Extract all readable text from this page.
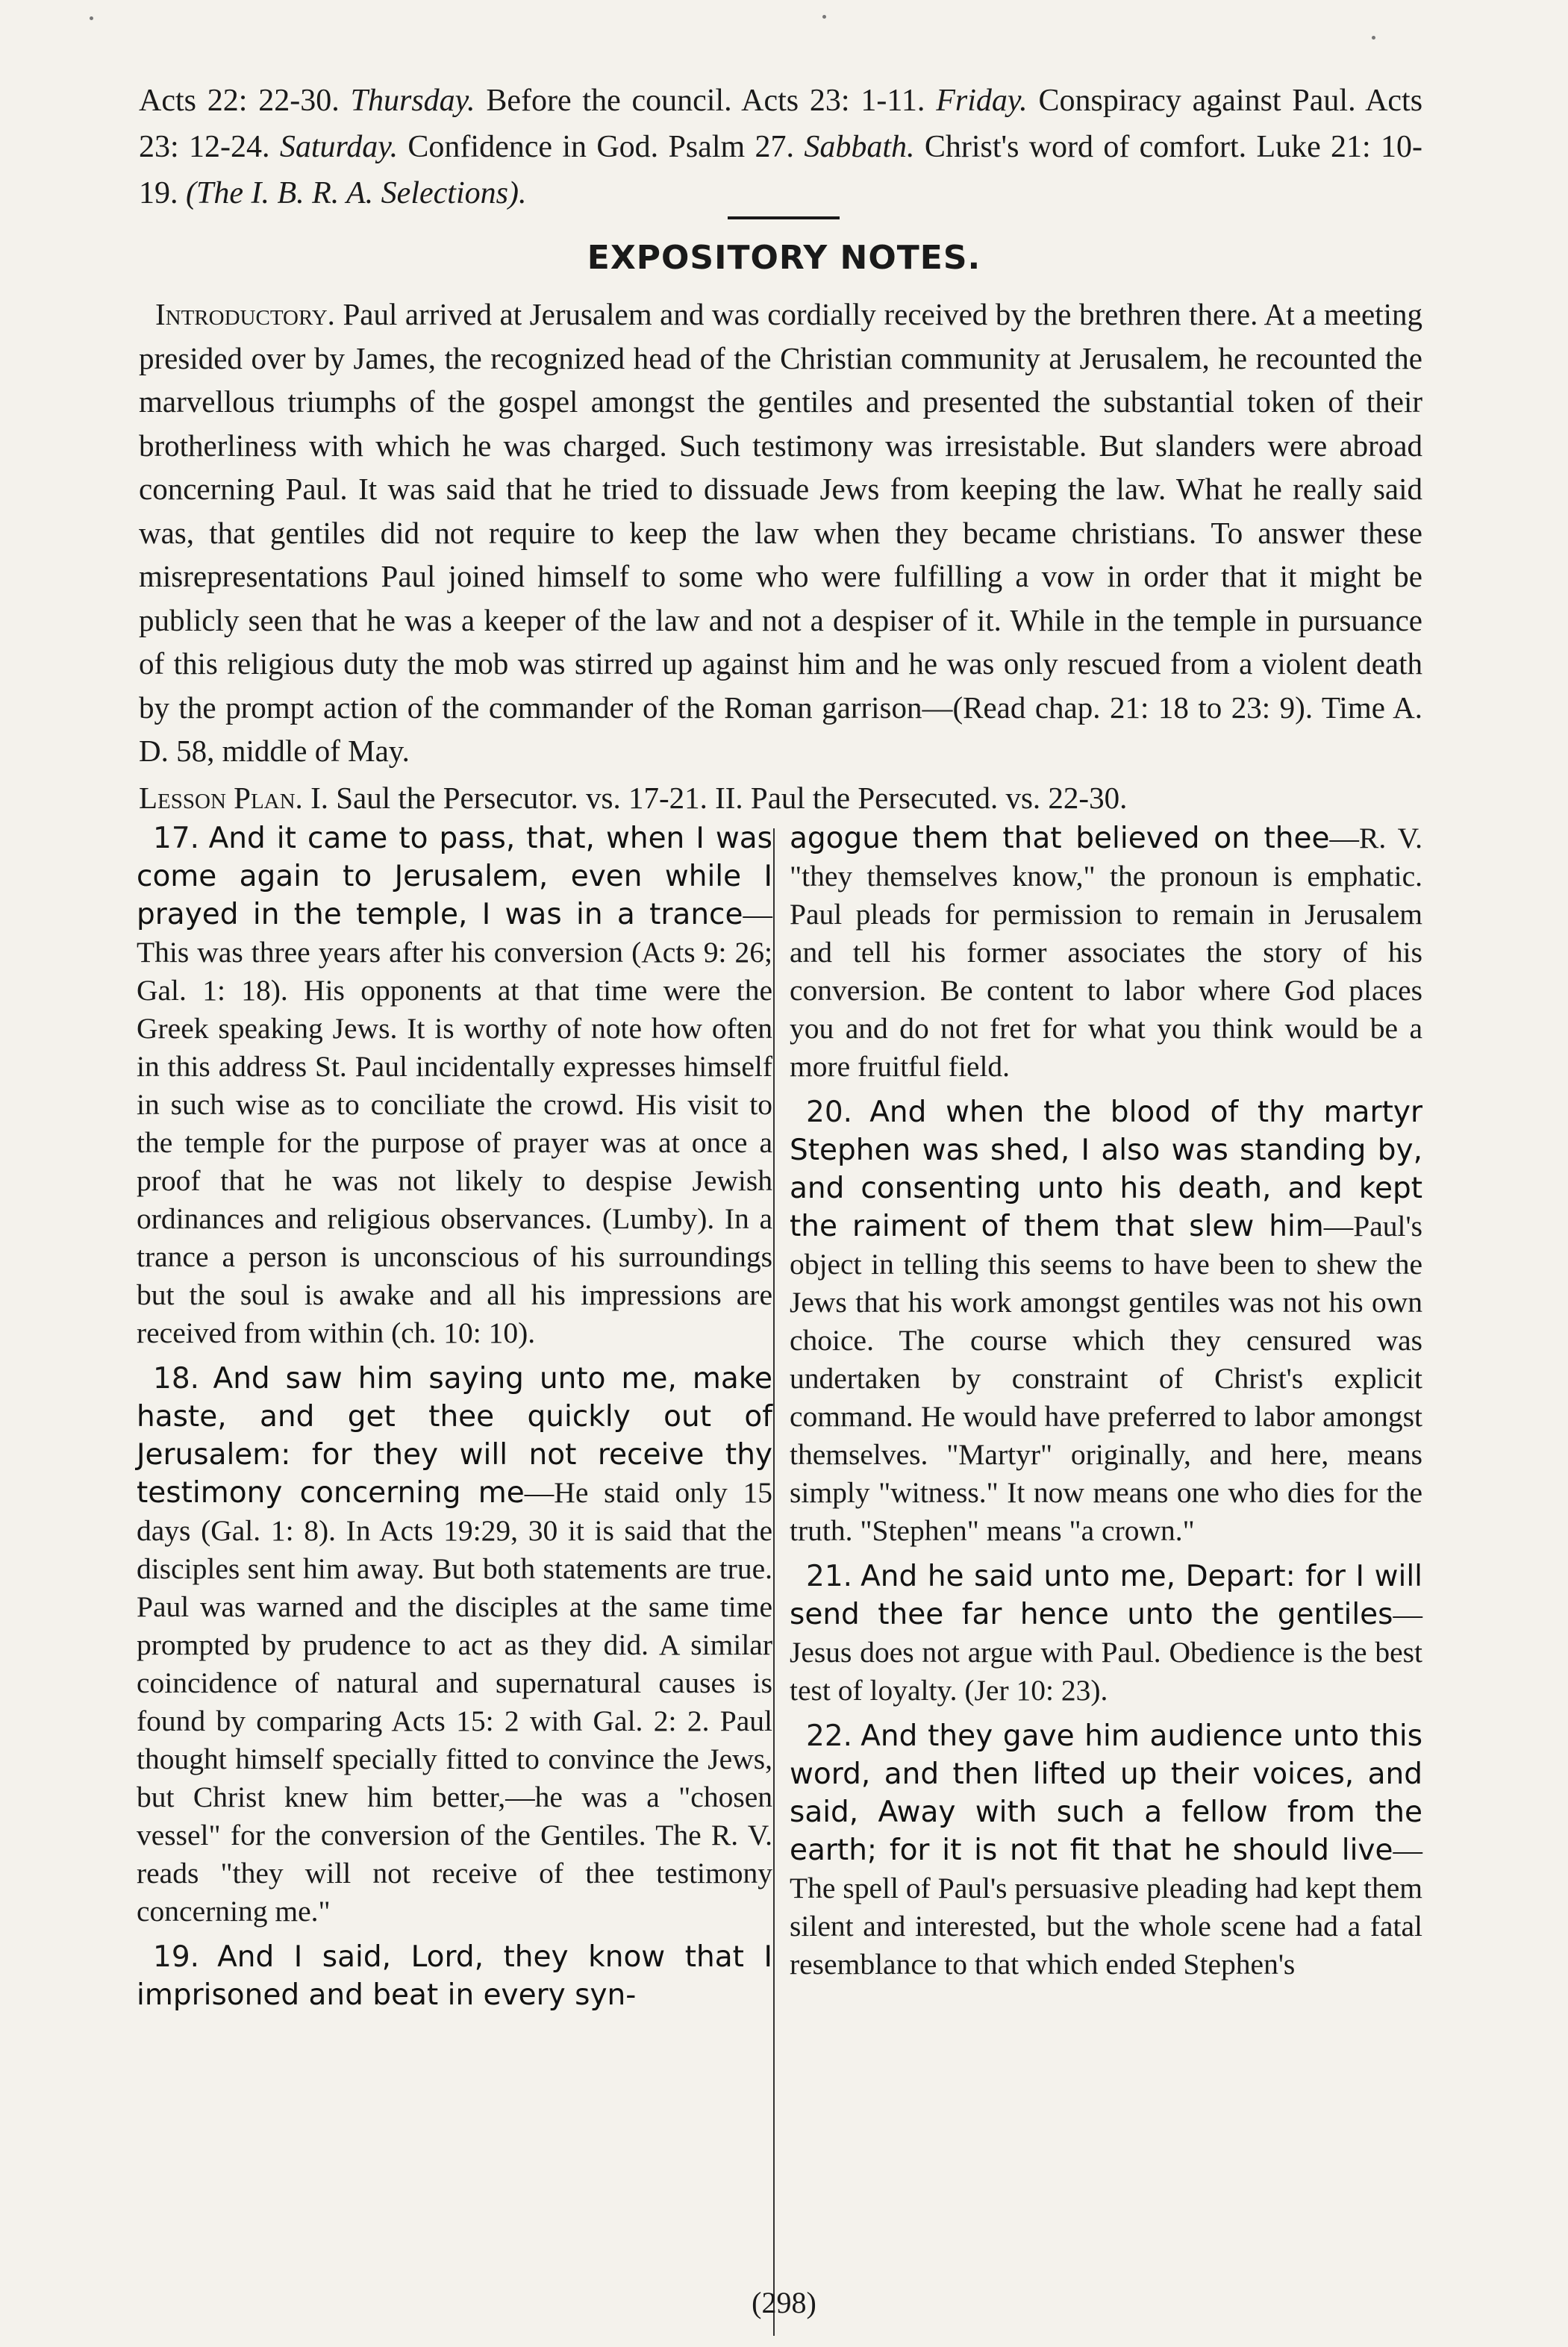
Acts 22: 22-30. Thursday. Before the council. Acts 23: 1-11. Friday. Conspiracy against Paul. Acts 23: 12-24. Saturday. Confidence in God. Psalm 27. Sabbath. Christ's word of comfort. Luke 21: 10-19. (The I. B. R. A. Selections).
EXPOSITORY NOTES.
Introductory. Paul arrived at Jerusalem and was cordially received by the brethren there. At a meeting presided over by James, the recognized head of the Christian community at Jerusalem, he recounted the marvellous triumphs of the gospel amongst the gentiles and presented the substantial token of their brotherliness with which he was charged. Such testimony was irresistable. But slanders were abroad concerning Paul. It was said that he tried to dissuade Jews from keeping the law. What he really said was, that gentiles did not require to keep the law when they became christians. To answer these misrepresentations Paul joined himself to some who were fulfilling a vow in order that it might be publicly seen that he was a keeper of the law and not a despiser of it. While in the temple in pursuance of this religious duty the mob was stirred up against him and he was only rescued from a violent death by the prompt action of the commander of the Roman garrison—(Read chap. 21: 18 to 23: 9). Time A. D. 58, middle of May.
Lesson Plan. I. Saul the Persecutor. vs. 17-21. II. Paul the Persecuted. vs. 22-30.

17. And it came to pass, that, when I was come again to Jerusalem, even while I prayed in the temple, I was in a trance—This was three years after his conversion (Acts 9: 26; Gal. 1: 18). His opponents at that time were the Greek speaking Jews. It is worthy of note how often in this address St. Paul incidentally expresses himself in such wise as to conciliate the crowd. His visit to the temple for the purpose of prayer was at once a proof that he was not likely to despise Jewish ordinances and religious observances. (Lumby). In a trance a person is unconscious of his surroundings but the soul is awake and all his impressions are received from within (ch. 10: 10).

18. And saw him saying unto me, make haste, and get thee quickly out of Jerusalem: for they will not receive thy testimony concerning me—He staid only 15 days (Gal. 1: 8). In Acts 19:29, 30 it is said that the disciples sent him away. But both statements are true. Paul was warned and the disciples at the same time prompted by prudence to act as they did. A similar coincidence of natural and supernatural causes is found by comparing Acts 15: 2 with Gal. 2: 2. Paul thought himself specially fitted to convince the Jews, but Christ knew him better,—he was a "chosen vessel" for the conversion of the Gentiles. The R. V. reads "they will not receive of thee testimony concerning me."

19. And I said, Lord, they know that I imprisoned and beat in every syn-

agogue them that believed on thee—R. V. "they themselves know," the pronoun is emphatic. Paul pleads for permission to remain in Jerusalem and tell his former associates the story of his conversion. Be content to labor where God places you and do not fret for what you think would be a more fruitful field.

20. And when the blood of thy martyr Stephen was shed, I also was standing by, and consenting unto his death, and kept the raiment of them that slew him—Paul's object in telling this seems to have been to shew the Jews that his work amongst gentiles was not his own choice. The course which they censured was undertaken by constraint of Christ's explicit command. He would have preferred to labor amongst themselves. "Martyr" originally, and here, means simply "witness." It now means one who dies for the truth. "Stephen" means "a crown."

21. And he said unto me, Depart: for I will send thee far hence unto the gentiles—Jesus does not argue with Paul. Obedience is the best test of loyalty. (Jer 10: 23).

22. And they gave him audience unto this word, and then lifted up their voices, and said, Away with such a fellow from the earth; for it is not fit that he should live—The spell of Paul's persuasive pleading had kept them silent and interested, but the whole scene had a fatal resemblance to that which ended Stephen's

(298)
